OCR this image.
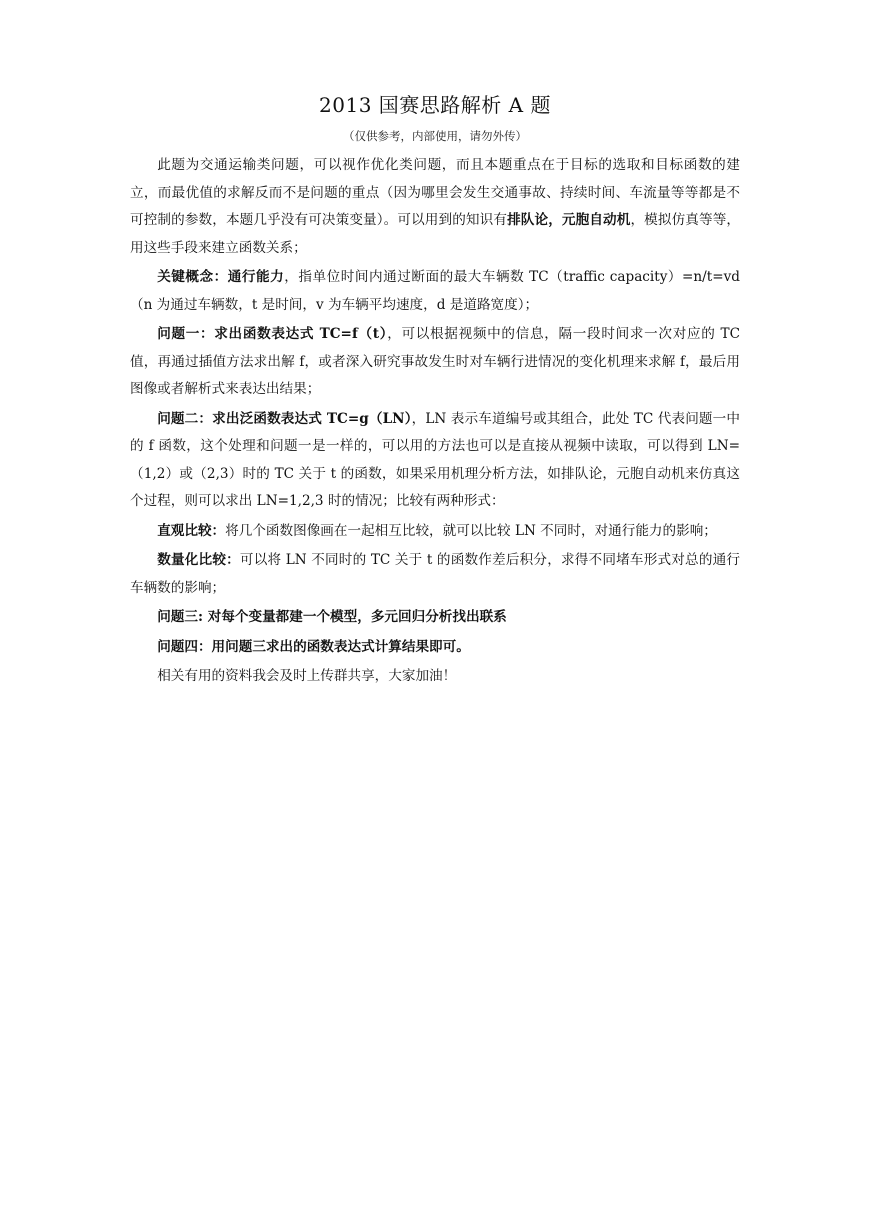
2013 国赛思路解析 A 题
（仅供参考，内部使用，请勿外传）

此题为交通运输类问题，可以视作优化类问题，而且本题重点在于目标的选取和目标函数的建立，而最优值的求解反而不是问题的重点（因为哪里会发生交通事故、持续时间、车流量等等都是不可控制的参数，本题几乎没有可决策变量）。可以用到的知识有排队论，元胞自动机，模拟仿真等等，用这些手段来建立函数关系；

关键概念：通行能力，指单位时间内通过断面的最大车辆数 TC（traffic capacity）=n/t=vd（n 为通过车辆数，t 是时间，v 为车辆平均速度，d 是道路宽度）；

问题一：求出函数表达式 TC=f（t），可以根据视频中的信息，隔一段时间求一次对应的 TC 值，再通过插值方法求出解 f，或者深入研究事故发生时对车辆行进情况的变化机理来求解 f，最后用图像或者解析式来表达出结果；

问题二：求出泛函数表达式 TC=g（LN），LN 表示车道编号或其组合，此处 TC 代表问题一中的 f 函数，这个处理和问题一是一样的，可以用的方法也可以是直接从视频中读取，可以得到 LN=（1,2）或（2,3）时的 TC 关于 t 的函数，如果采用机理分析方法，如排队论，元胞自动机来仿真这个过程，则可以求出 LN=1,2,3 时的情况；比较有两种形式：

直观比较：将几个函数图像画在一起相互比较，就可以比较 LN 不同时，对通行能力的影响；

数量化比较：可以将 LN 不同时的 TC 关于 t 的函数作差后积分，求得不同堵车形式对总的通行车辆数的影响；

问题三: 对每个变量都建一个模型，多元回归分析找出联系

问题四：用问题三求出的函数表达式计算结果即可。

相关有用的资料我会及时上传群共享，大家加油！
